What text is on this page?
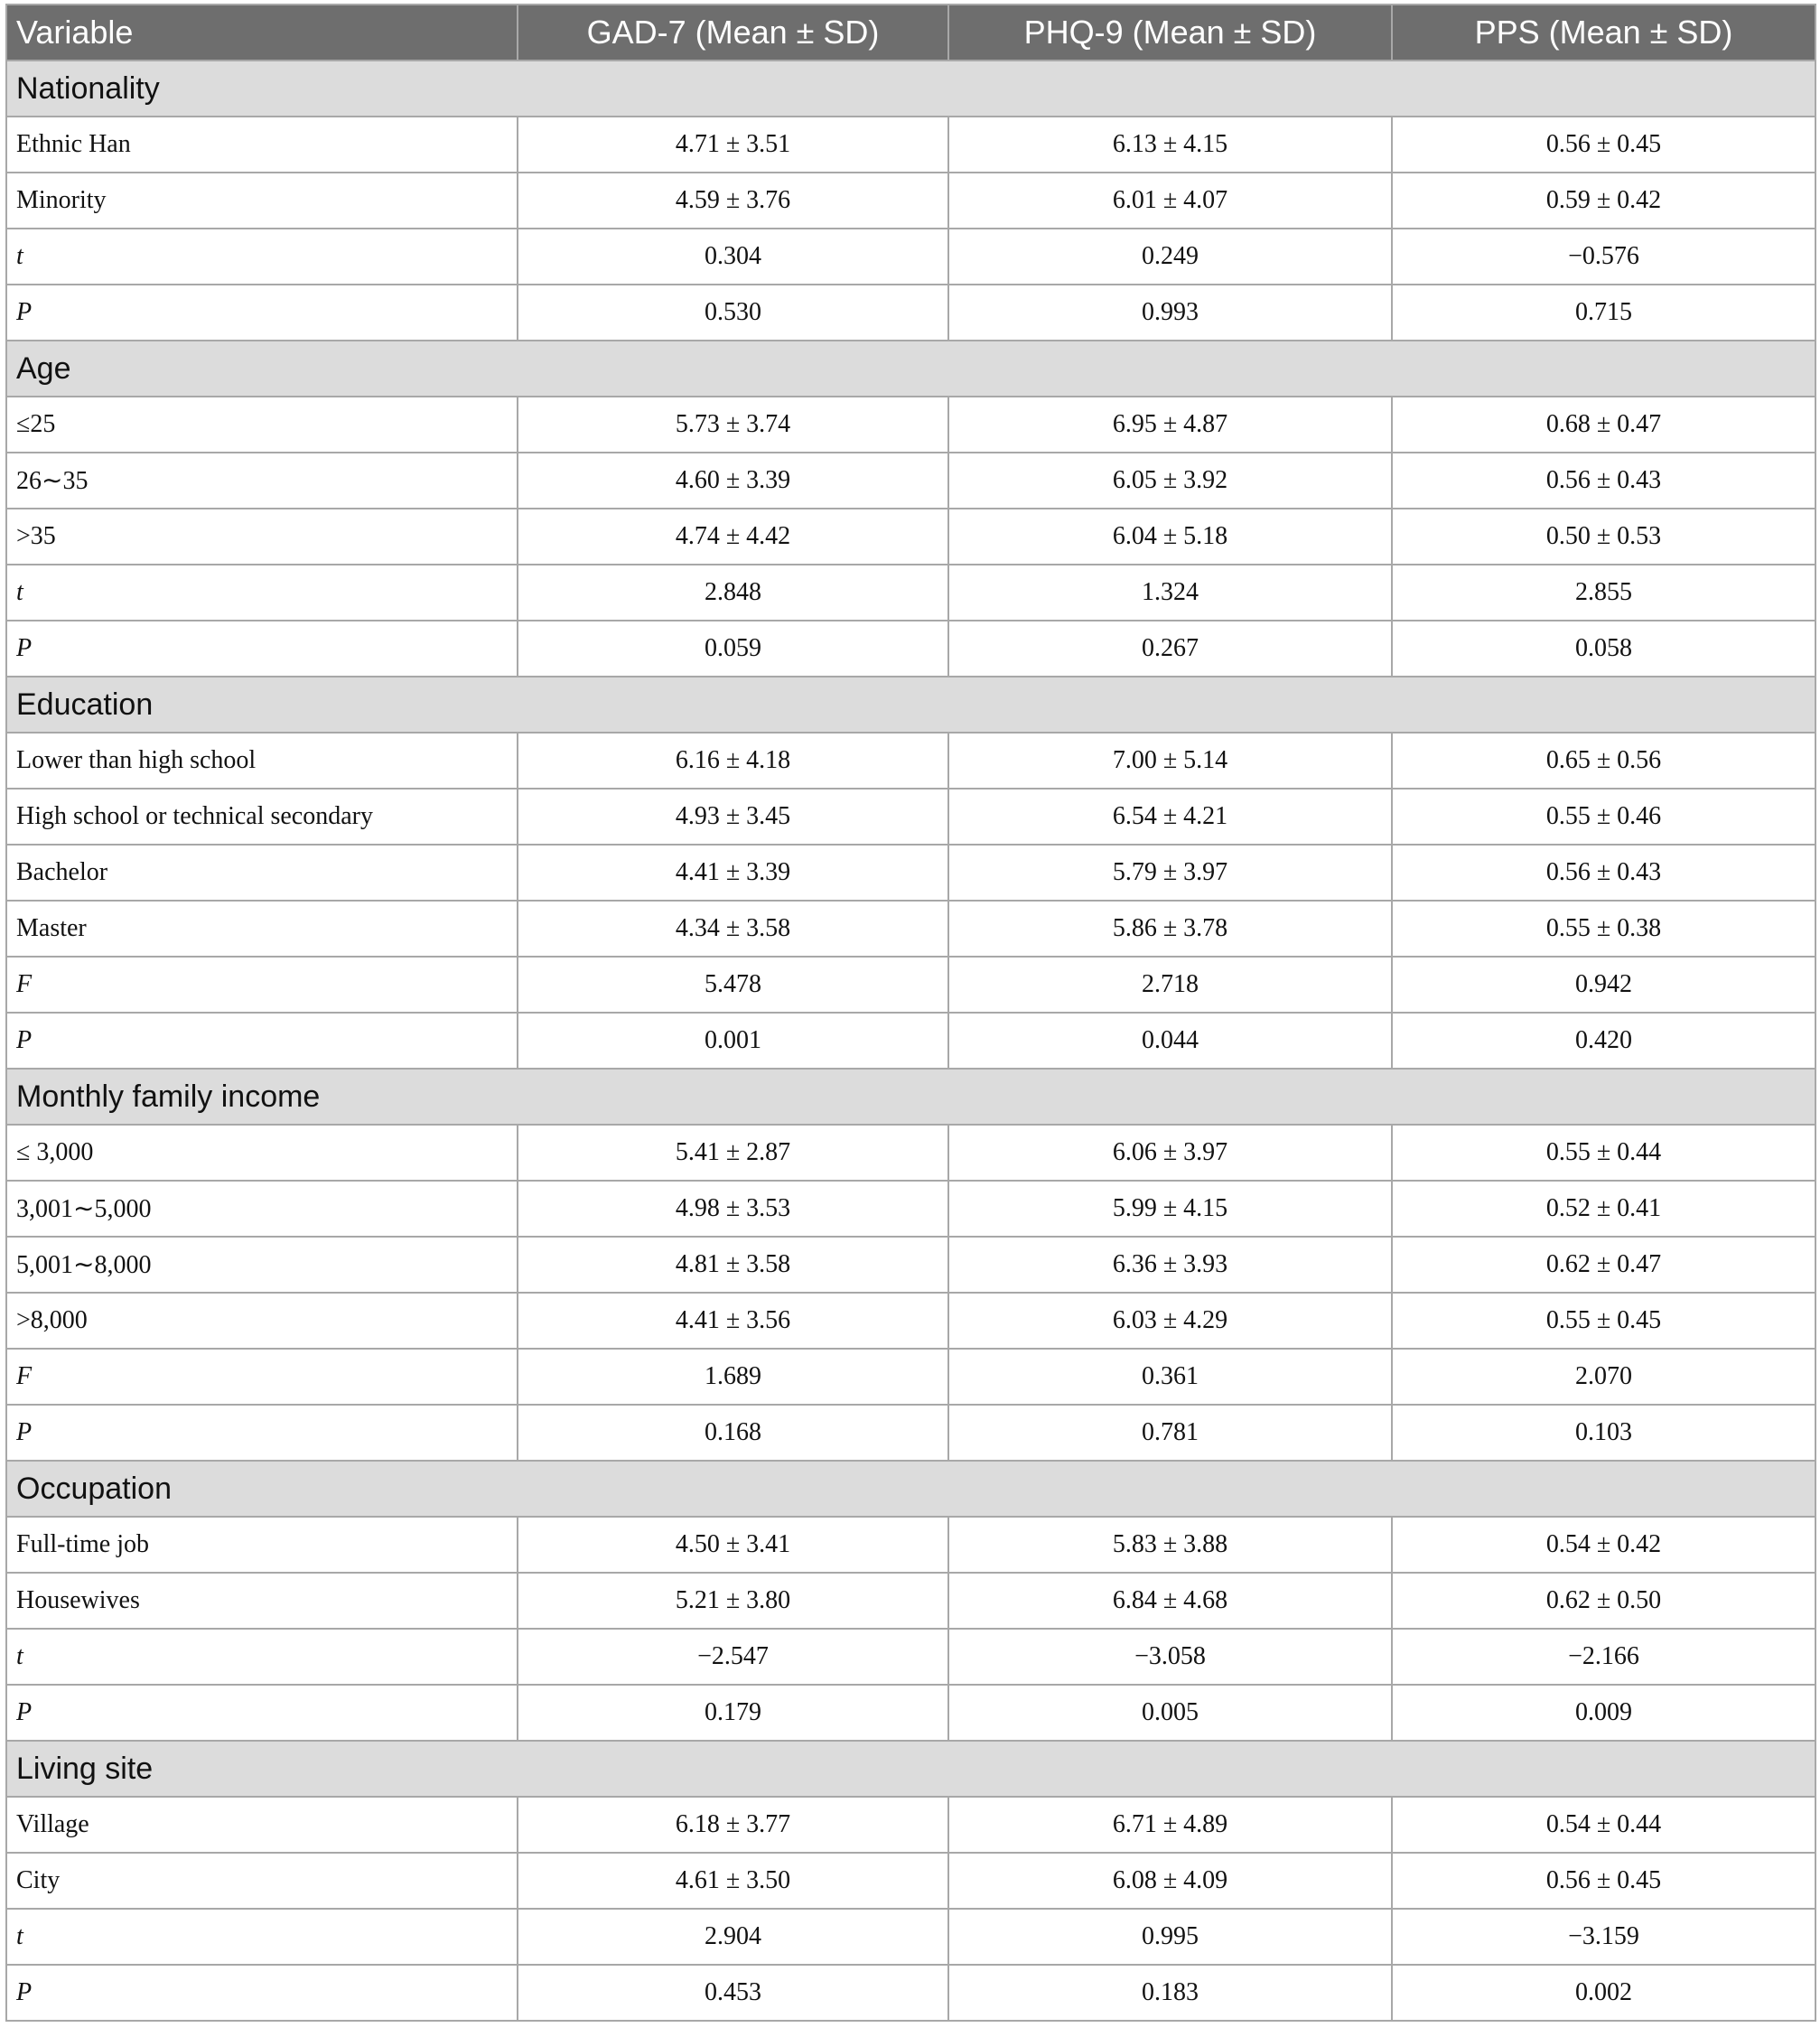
Variable	GAD-7 (Mean ± SD)	PHQ-9 (Mean ± SD)	PPS (Mean ± SD)
Nationality			
Ethnic Han	4.71 ± 3.51	6.13 ± 4.15	0.56 ± 0.45
Minority	4.59 ± 3.76	6.01 ± 4.07	0.59 ± 0.42
t	0.304	0.249	−0.576
P	0.530	0.993	0.715
Age			
≤25	5.73 ± 3.74	6.95 ± 4.87	0.68 ± 0.47
26∼35	4.60 ± 3.39	6.05 ± 3.92	0.56 ± 0.43
>35	4.74 ± 4.42	6.04 ± 5.18	0.50 ± 0.53
t	2.848	1.324	2.855
P	0.059	0.267	0.058
Education			
Lower than high school	6.16 ± 4.18	7.00 ± 5.14	0.65 ± 0.56
High school or technical secondary	4.93 ± 3.45	6.54 ± 4.21	0.55 ± 0.46
Bachelor	4.41 ± 3.39	5.79 ± 3.97	0.56 ± 0.43
Master	4.34 ± 3.58	5.86 ± 3.78	0.55 ± 0.38
F	5.478	2.718	0.942
P	0.001	0.044	0.420
Monthly family income			
≤ 3,000	5.41 ± 2.87	6.06 ± 3.97	0.55 ± 0.44
3,001∼5,000	4.98 ± 3.53	5.99 ± 4.15	0.52 ± 0.41
5,001∼8,000	4.81 ± 3.58	6.36 ± 3.93	0.62 ± 0.47
>8,000	4.41 ± 3.56	6.03 ± 4.29	0.55 ± 0.45
F	1.689	0.361	2.070
P	0.168	0.781	0.103
Occupation			
Full-time job	4.50 ± 3.41	5.83 ± 3.88	0.54 ± 0.42
Housewives	5.21 ± 3.80	6.84 ± 4.68	0.62 ± 0.50
t	−2.547	−3.058	−2.166
P	0.179	0.005	0.009
Living site			
Village	6.18 ± 3.77	6.71 ± 4.89	0.54 ± 0.44
City	4.61 ± 3.50	6.08 ± 4.09	0.56 ± 0.45
t	2.904	0.995	−3.159
P	0.453	0.183	0.002
